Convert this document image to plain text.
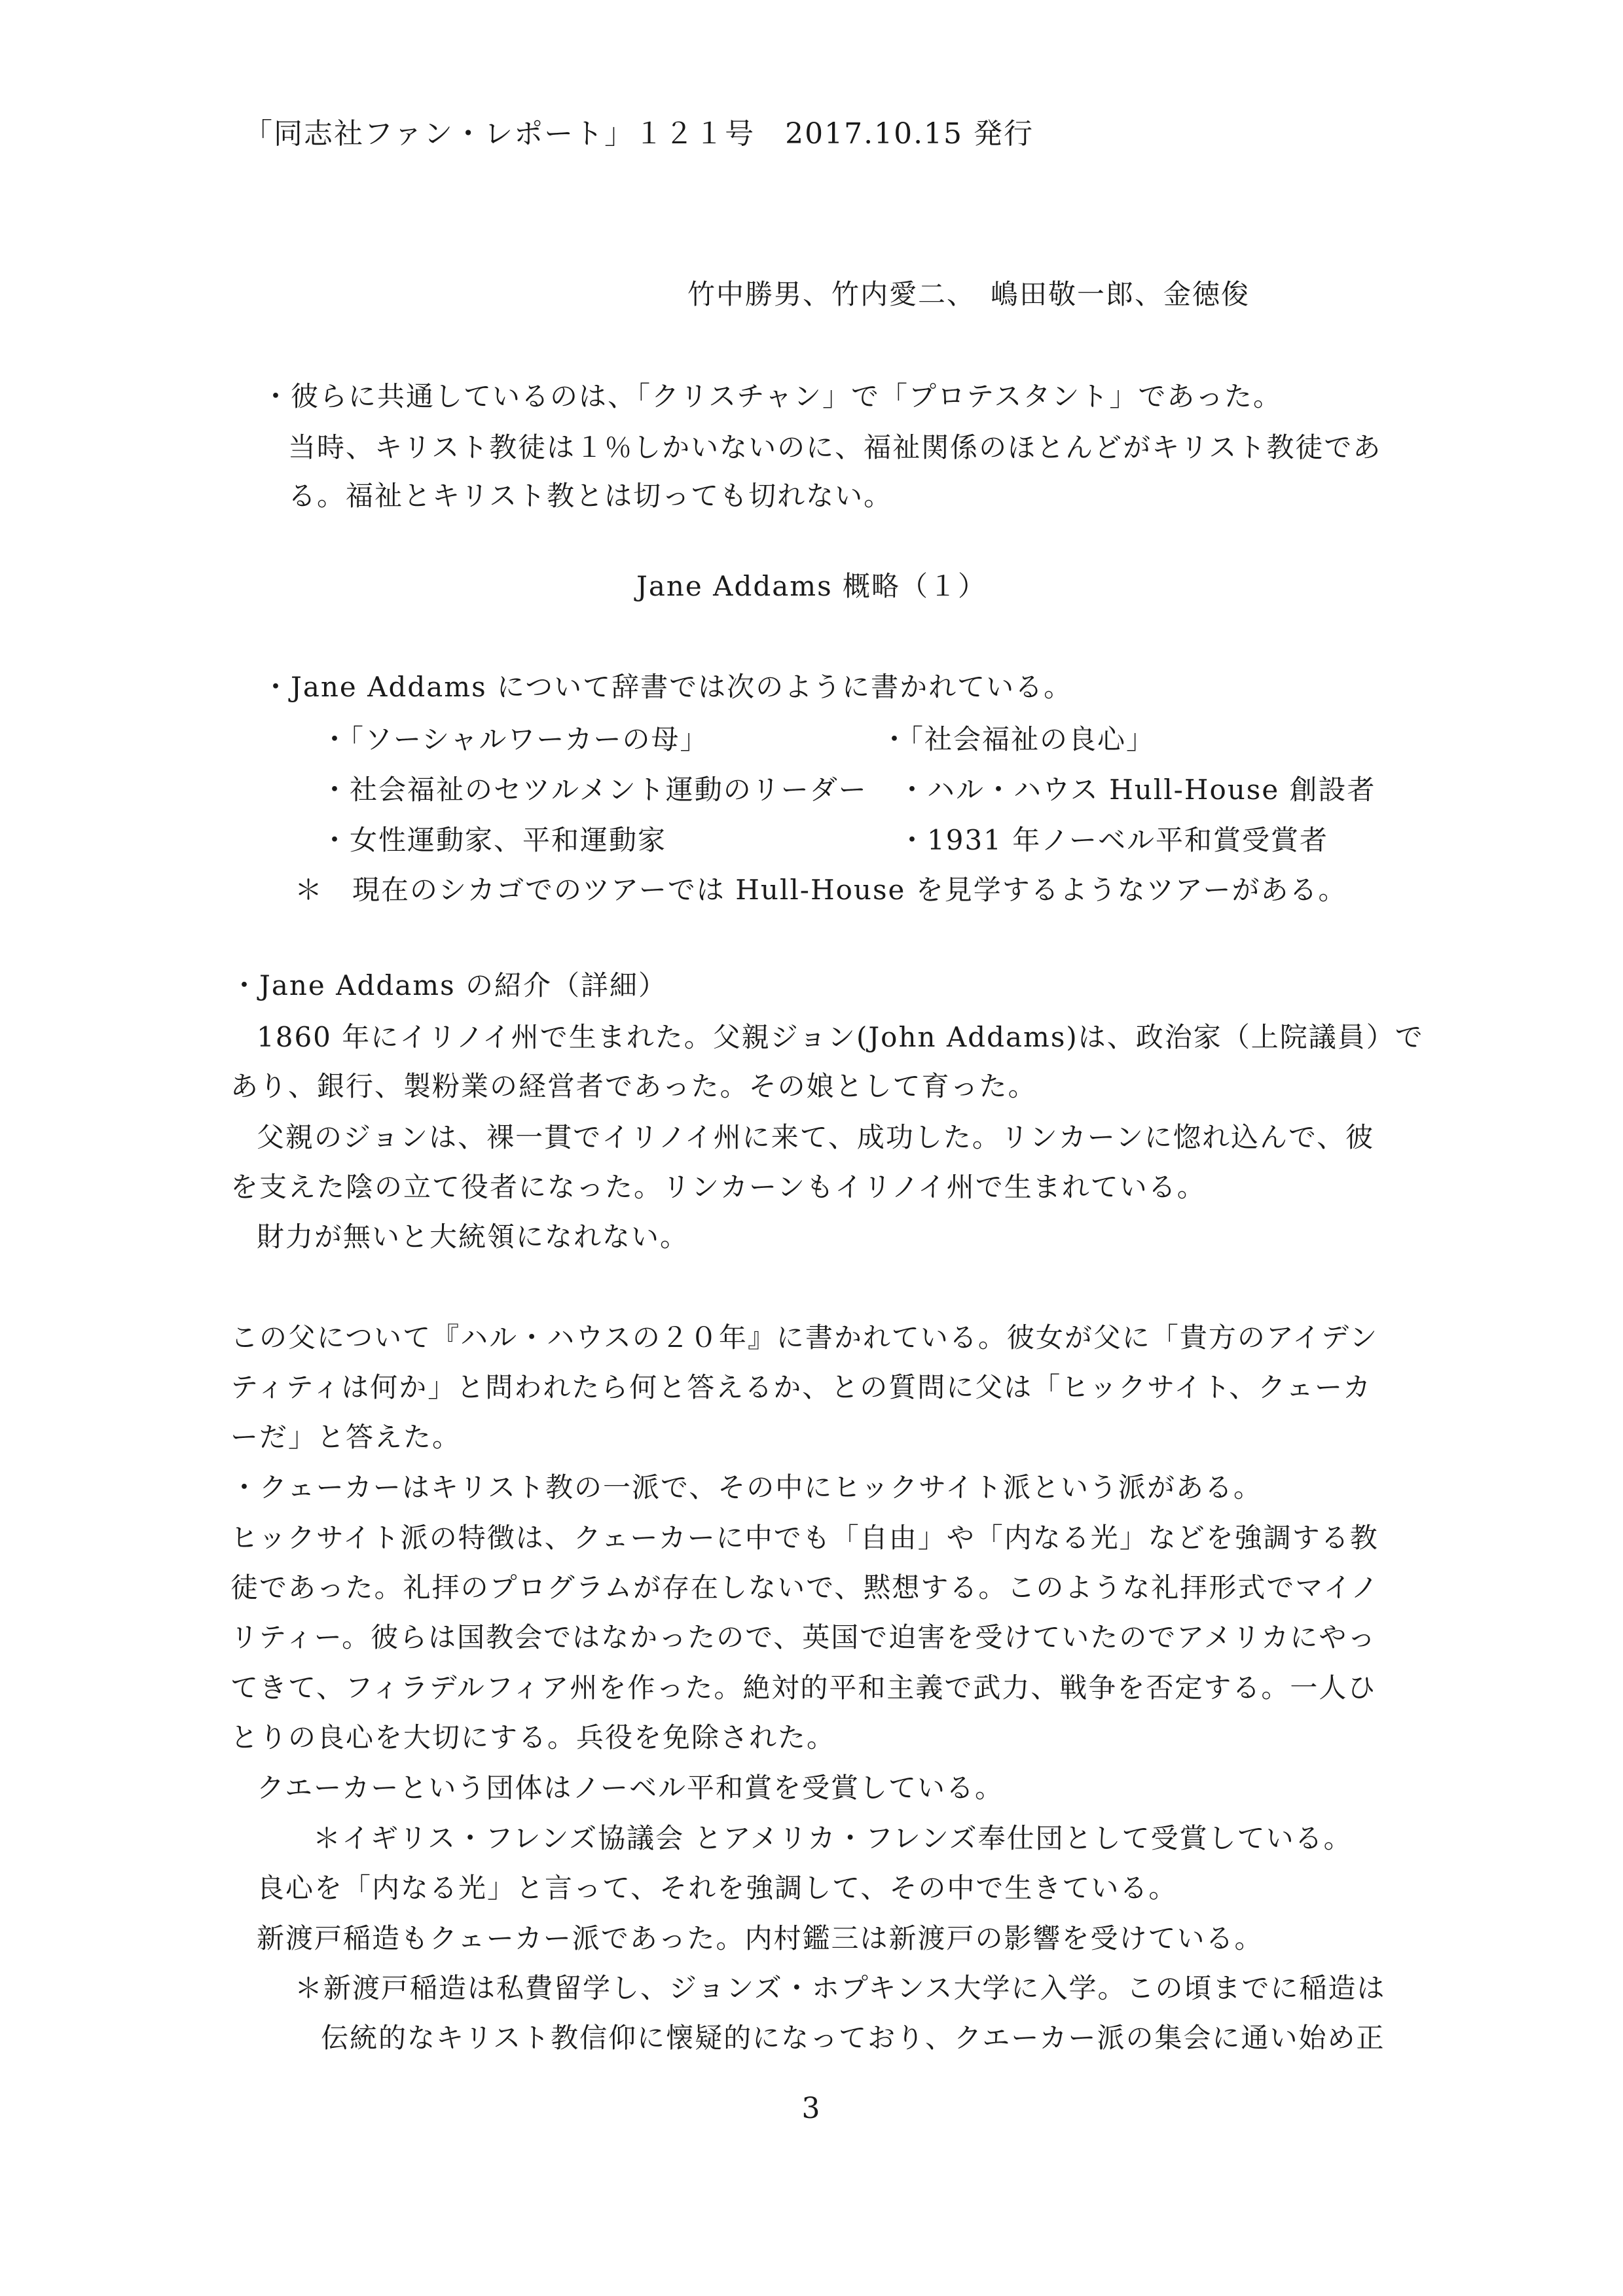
「同志社ファン・レポート」１２１号　2017.10.15 発行
竹中勝男、竹内愛二、　嶋田敬一郎、金徳俊
・彼らに共通しているのは、「クリスチャン」で「プロテスタント」であった。
当時、キリスト教徒は１％しかいないのに、福祉関係のほとんどがキリスト教徒であ
る。福祉とキリスト教とは切っても切れない。
Jane Addams 概略（１）
・Jane Addams について辞書では次のように書かれている。
・「ソーシャルワーカーの母」	・「社会福祉の良心」
・社会福祉のセツルメント運動のリーダー ・ハル・ハウス Hull-House 創設者
・女性運動家、平和運動家	・1931 年ノーベル平和賞受賞者
＊　現在のシカゴでのツアーでは Hull-House を見学するようなツアーがある。
・Jane Addams の紹介（詳細）
1860 年にイリノイ州で生まれた。父親ジョン(John Addams)は、政治家（上院議員）で
あり、銀行、製粉業の経営者であった。その娘として育った。
父親のジョンは、裸一貫でイリノイ州に来て、成功した。リンカーンに惚れ込んで、彼
を支えた陰の立て役者になった。リンカーンもイリノイ州で生まれている。
財力が無いと大統領になれない。
この父について『ハル・ハウスの２０年』に書かれている。彼女が父に「貴方のアイデン
ティティは何か」と問われたら何と答えるか、との質問に父は「ヒックサイト、クェーカ
ーだ」と答えた。
・クェーカーはキリスト教の一派で、その中にヒックサイト派という派がある。
ヒックサイト派の特徴は、クェーカーに中でも「自由」や「内なる光」などを強調する教
徒であった。礼拝のプログラムが存在しないで、黙想する。このような礼拝形式でマイノ
リティー。彼らは国教会ではなかったので、英国で迫害を受けていたのでアメリカにやっ
てきて、フィラデルフィア州を作った。絶対的平和主義で武力、戦争を否定する。一人ひ
とりの良心を大切にする。兵役を免除された。
クエーカーという団体はノーベル平和賞を受賞している。
＊イギリス・フレンズ協議会 とアメリカ・フレンズ奉仕団として受賞している。
良心を「内なる光」と言って、それを強調して、その中で生きている。
新渡戸稲造もクェーカー派であった。内村鑑三は新渡戸の影響を受けている。
＊新渡戸稲造は私費留学し、ジョンズ・ホプキンス大学に入学。この頃までに稲造は
伝統的なキリスト教信仰に懐疑的になっており、クエーカー派の集会に通い始め正
3
